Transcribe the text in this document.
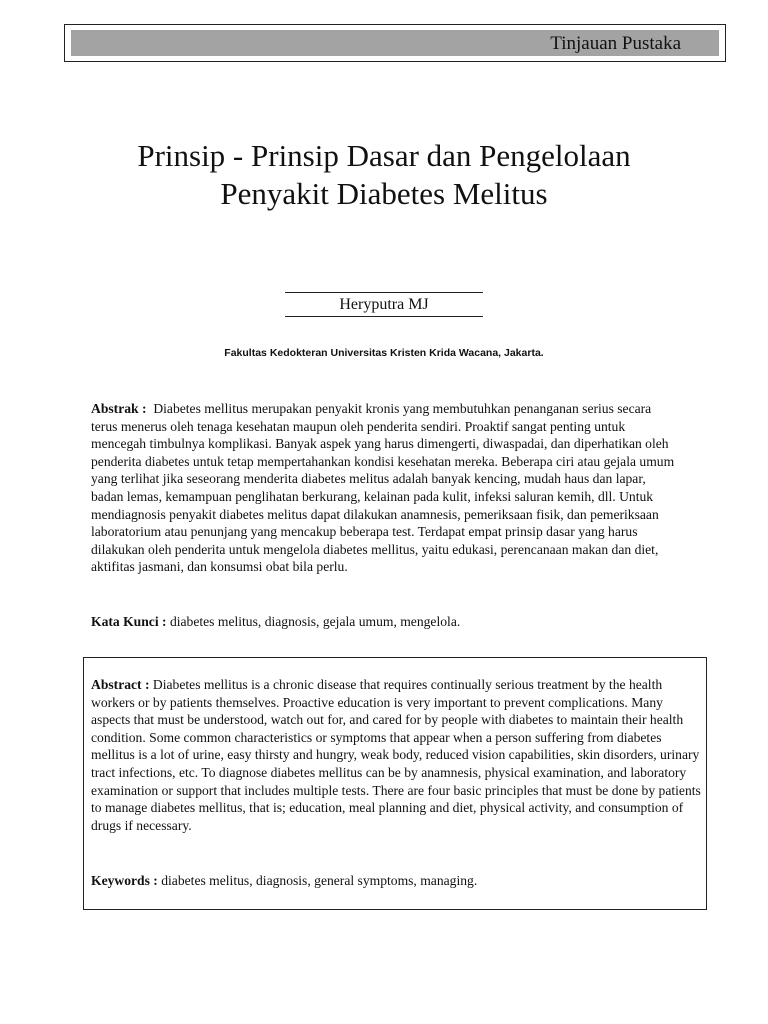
Tinjauan Pustaka
Prinsip - Prinsip Dasar dan Pengelolaan
Penyakit Diabetes Melitus
Heryputra MJ
Fakultas Kedokteran Universitas Kristen Krida Wacana, Jakarta.

Abstrak : Diabetes mellitus merupakan penyakit kronis yang membutuhkan penanganan serius secara terus menerus oleh tenaga kesehatan maupun oleh penderita sendiri. Proaktif sangat penting untuk mencegah timbulnya komplikasi. Banyak aspek yang harus dimengerti, diwaspadai, dan diperhatikan oleh penderita diabetes untuk tetap mempertahankan kondisi kesehatan mereka. Beberapa ciri atau gejala umum yang terlihat jika seseorang menderita diabetes melitus adalah banyak kencing, mudah haus dan lapar, badan lemas, kemampuan penglihatan berkurang, kelainan pada kulit, infeksi saluran kemih, dll. Untuk mendiagnosis penyakit diabetes melitus dapat dilakukan anamnesis, pemeriksaan fisik, dan pemeriksaan laboratorium atau penunjang yang mencakup beberapa test. Terdapat empat prinsip dasar yang harus dilakukan oleh penderita untuk mengelola diabetes mellitus, yaitu edukasi, perencanaan makan dan diet, aktifitas jasmani, dan konsumsi obat bila perlu.

Kata Kunci : diabetes melitus, diagnosis, gejala umum, mengelola.

Abstract : Diabetes mellitus is a chronic disease that requires continually serious treatment by the health workers or by patients themselves. Proactive education is very important to prevent complications. Many aspects that must be understood, watch out for, and cared for by people with diabetes to maintain their health condition. Some common characteristics or symptoms that appear when a person suffering from diabetes mellitus is a lot of urine, easy thirsty and hungry, weak body, reduced vision capabilities, skin disorders, urinary tract infections, etc. To diagnose diabetes mellitus can be by anamnesis, physical examination, and laboratory examination or support that includes multiple tests. There are four basic principles that must be done by patients to manage diabetes mellitus, that is; education, meal planning and diet, physical activity, and consumption of drugs if necessary.

Keywords : diabetes melitus, diagnosis, general symptoms, managing.
